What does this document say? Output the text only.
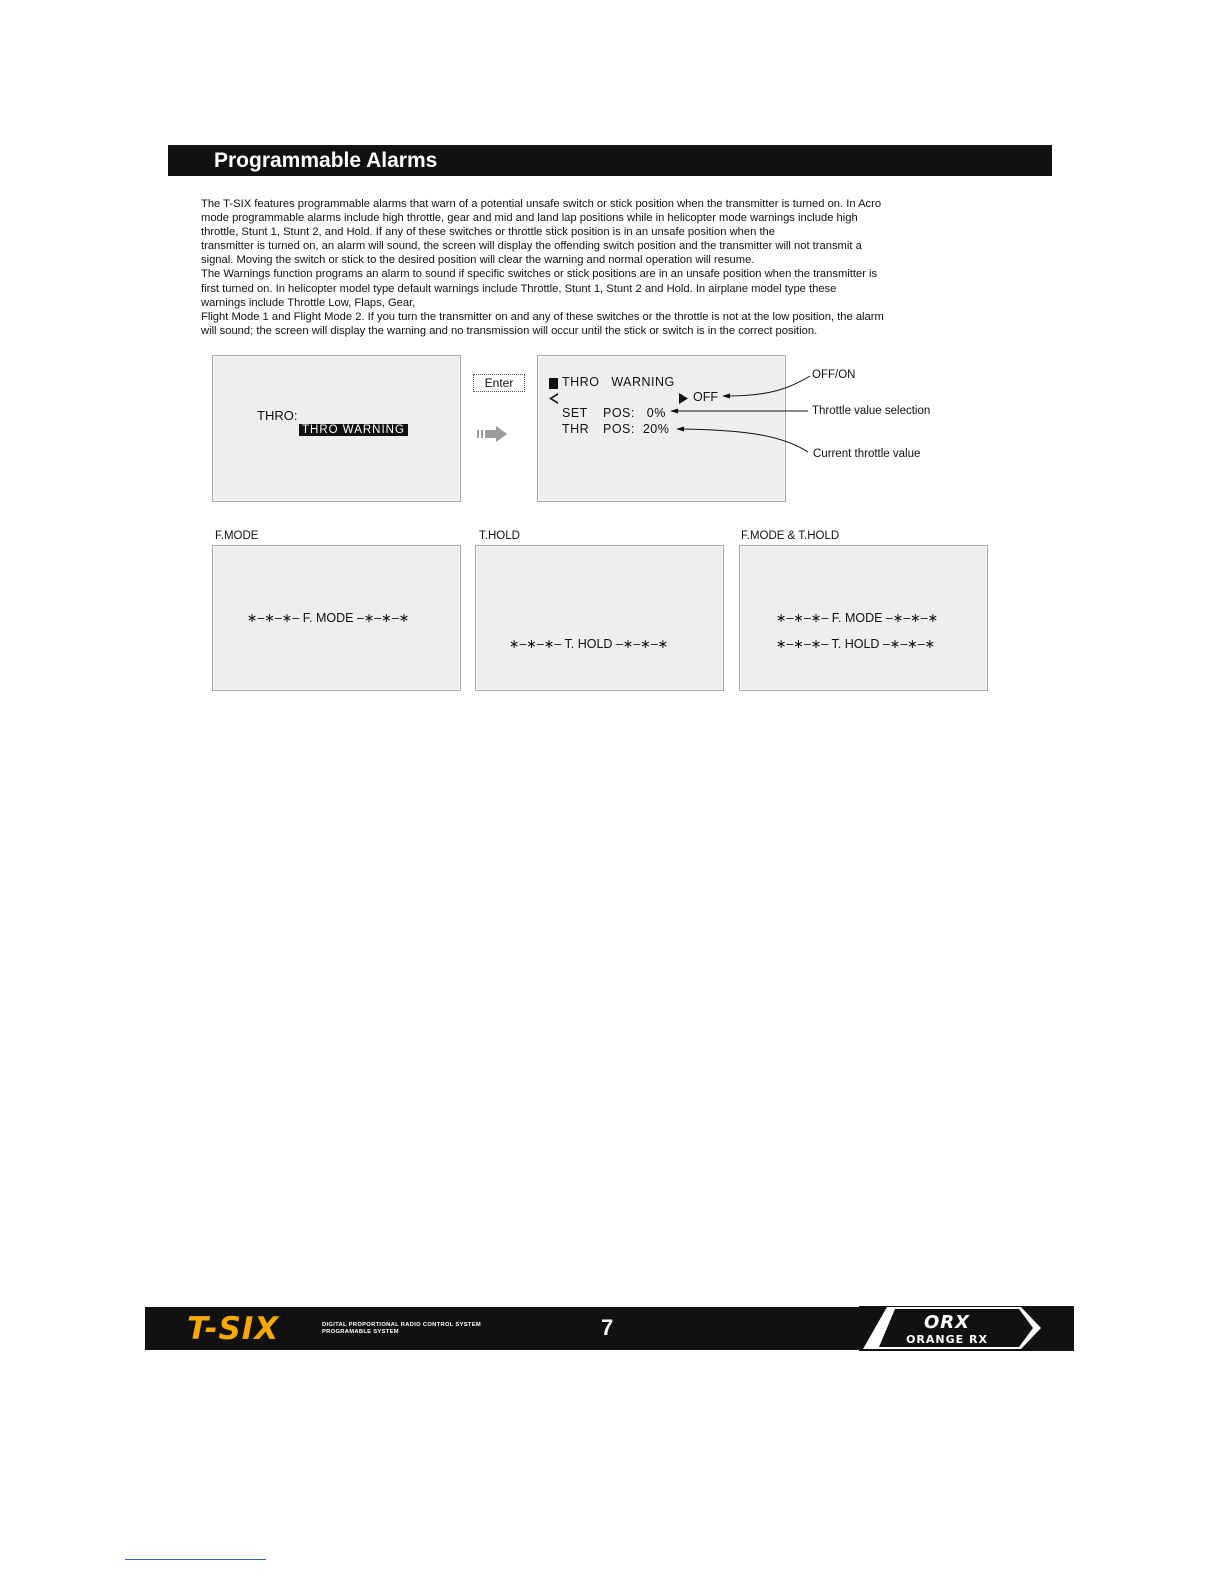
Programmable Alarms

The T-SIX features programmable alarms that warn of a potential unsafe switch or stick position when the transmitter is turned on. In Acro

mode programmable alarms include high throttle, gear and mid and land lap positions while in helicopter mode warnings include high

throttle, Stunt 1, Stunt 2, and Hold. If any of these switches or throttle stick position is in an unsafe position when the

transmitter is turned on, an alarm will sound, the screen will display the offending switch position and the transmitter will not transmit a

signal. Moving the switch or stick to the desired position will clear the warning and normal operation will resume.

The Warnings function programs an alarm to sound if specific switches or stick positions are in an unsafe position when the transmitter is

first turned on. In helicopter model type default warnings include Throttle, Stunt 1, Stunt 2 and Hold. In airplane model type these

warnings include Throttle Low, Flaps, Gear,

Flight Mode 1 and Flight Mode 2. If you turn the transmitter on and any of these switches or the throttle is not at the low position, the alarm

will sound; the screen will display the warning and no transmission will occur until the stick or switch is in the correct position.

THRO:
THRO WARNING
Enter	THRO   WARNING
OFF
SET POS:   0%
THR POS:  20%
OFF/ON
Throttle value selection
Current throttle value
F.MODE	T.HOLD	F.MODE & T.HOLD
∗–∗–∗– F. MODE –∗–∗–∗
∗–∗–∗– T. HOLD –∗–∗–∗
∗–∗–∗– F. MODE –∗–∗–∗
∗–∗–∗– T. HOLD –∗–∗–∗
T-SIX	DIGITAL PROPORTIONAL RADIO CONTROL SYSTEM
PROGRAMABLE SYSTEM	7	ORX
ORANGE RX
